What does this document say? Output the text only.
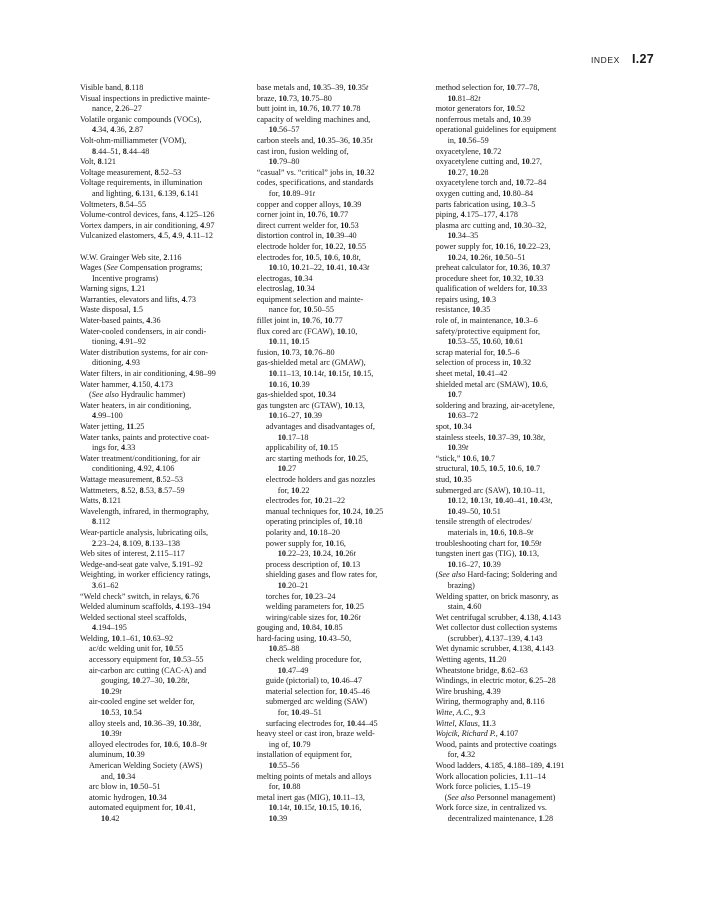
INDEX I.27
Visible band, 8.118
Visual inspections in predictive mainte-
nance, 2.26–27
Volatile organic compounds (VOCs),
4.34, 4.36, 2.87
Volt-ohm-milliammeter (VOM),
8.44–51, 8.44–48
Volt, 8.121
Voltage measurement, 8.52–53
Voltage requirements, in illumination
and lighting, 6.131, 6.139, 6.141
Voltmeters, 8.54–55
Volume-control devices, fans, 4.125–126
Vortex dampers, in air conditioning, 4.97
Vulcanized elastomers, 4.5, 4.9, 4.11–12
W.W. Grainger Web site, 2.116
Wages (See Compensation programs;
Incentive programs)
Warning signs, 1.21
Warranties, elevators and lifts, 4.73
Waste disposal, 1.5
Water-based paints, 4.36
Water-cooled condensers, in air condi-
tioning, 4.91–92
Water distribution systems, for air con-
ditioning, 4.93
Water filters, in air conditioning, 4.98–99
Water hammer, 4.150, 4.173
(See also Hydraulic hammer)
Water heaters, in air conditioning,
4.99–100
Water jetting, 11.25
Water tanks, paints and protective coat-
ings for, 4.33
Water treatment/conditioning, for air
conditioning, 4.92, 4.106
Wattage measurement, 8.52–53
Wattmeters, 8.52, 8.53, 8.57–59
Watts, 8.121
Wavelength, infrared, in thermography,
8.112
Wear-particle analysis, lubricating oils,
2.23–24, 8.109, 8.133–138
Web sites of interest, 2.115–117
Wedge-and-seat gate valve, 5.191–92
Weighting, in worker efficiency ratings,
3.61–62
“Weld check” switch, in relays, 6.76
Welded aluminum scaffolds, 4.193–194
Welded sectional steel scaffolds,
4.194–195
Welding, 10.1–61, 10.63–92
ac/dc welding unit for, 10.55
accessory equipment for, 10.53–55
air-carbon arc cutting (CAC-A) and
gouging, 10.27–30, 10.28t,
10.29t
air-cooled engine set welder for,
10.53, 10.54
alloy steels and, 10.36–39, 10.38t,
10.39t
alloyed electrodes for, 10.6, 10.8–9t
aluminum, 10.39
American Welding Society (AWS)
and, 10.34
arc blow in, 10.50–51
atomic hydrogen, 10.34
automated equipment for, 10.41,
10.42
base metals and, 10.35–39, 10.35t
braze, 10.73, 10.75–80
butt joint in, 10.76, 10.77 10.78
capacity of welding machines and,
10.56–57
carbon steels and, 10.35–36, 10.35t
cast iron, fusion welding of,
10.79–80
“casual” vs. “critical” jobs in, 10.32
codes, specifications, and standards
for, 10.89–91t
copper and copper alloys, 10.39
corner joint in, 10.76, 10.77
direct current welder for, 10.53
distortion control in, 10.39–40
electrode holder for, 10.22, 10.55
electrodes for, 10.5, 10.6, 10.8t,
10.10, 10.21–22, 10.41, 10.43t
electrogas, 10.34
electroslag, 10.34
equipment selection and mainte-
nance for, 10.50–55
fillet joint in, 10.76, 10.77
flux cored arc (FCAW), 10.10,
10.11, 10.15
fusion, 10.73, 10.76–80
gas-shielded metal arc (GMAW),
10.11–13, 10.14t, 10.15t, 10.15,
10.16, 10.39
gas-shielded spot, 10.34
gas tungsten arc (GTAW), 10.13,
10.16–27, 10.39
advantages and disadvantages of,
10.17–18
applicability of, 10.15
arc starting methods for, 10.25,
10.27
electrode holders and gas nozzles
for, 10.22
electrodes for, 10.21–22
manual techniques for, 10.24, 10.25
operating principles of, 10.18
polarity and, 10.18–20
power supply for, 10.16,
10.22–23, 10.24, 10.26t
process description of, 10.13
shielding gases and flow rates for,
10.20–21
torches for, 10.23–24
welding parameters for, 10.25
wiring/cable sizes for, 10.26t
gouging and, 10.84, 10.85
hard-facing using, 10.43–50,
10.85–88
check welding procedure for,
10.47–49
guide (pictorial) to, 10.46–47
material selection for, 10.45–46
submerged arc welding (SAW)
for, 10.49–51
surfacing electrodes for, 10.44–45
heavy steel or cast iron, braze weld-
ing of, 10.79
installation of equipment for,
10.55–56
melting points of metals and alloys
for, 10.88
metal inert gas (MIG), 10.11–13,
10.14t, 10.15t, 10.15, 10.16,
10.39
method selection for, 10.77–78,
10.81–82t
motor generators for, 10.52
nonferrous metals and, 10.39
operational guidelines for equipment
in, 10.56–59
oxyacetylene, 10.72
oxyacetylene cutting and, 10.27,
10.27, 10.28
oxyacetylene torch and, 10.72–84
oxygen cutting and, 10.80–84
parts fabrication using, 10.3–5
piping, 4.175–177, 4.178
plasma arc cutting and, 10.30–32,
10.34–35
power supply for, 10.16, 10.22–23,
10.24, 10.26t, 10.50–51
preheat calculator for, 10.36, 10.37
procedure sheet for, 10.32, 10.33
qualification of welders for, 10.33
repairs using, 10.3
resistance, 10.35
role of, in maintenance, 10.3–6
safety/protective equipment for,
10.53–55, 10.60, 10.61
scrap material for, 10.5–6
selection of process in, 10.32
sheet metal, 10.41–42
shielded metal arc (SMAW), 10.6,
10.7
soldering and brazing, air-acetylene,
10.63–72
spot, 10.34
stainless steels, 10.37–39, 10.38t,
10.39t
“stick,” 10.6, 10.7
structural, 10.5, 10.5, 10.6, 10.7
stud, 10.35
submerged arc (SAW), 10.10–11,
10.12, 10.13t, 10.40–41, 10.43t,
10.49–50, 10.51
tensile strength of electrodes/
materials in, 10.6, 10.8–9t
troubleshooting chart for, 10.59t
tungsten inert gas (TIG), 10.13,
10.16–27, 10.39
(See also Hard-facing; Soldering and
brazing)
Welding spatter, on brick masonry, as
stain, 4.60
Wet centrifugal scrubber, 4.138, 4.143
Wet collector dust collection systems
(scrubber), 4.137–139, 4.143
Wet dynamic scrubber, 4.138, 4.143
Wetting agents, 11.20
Wheatstone bridge, 8.62–63
Windings, in electric motor, 6.25–28
Wire brushing, 4.39
Wiring, thermography and, 8.116
Witte, A.C., 9.3
Wittel, Klaus, 11.3
Wojcik, Richard P., 4.107
Wood, paints and protective coatings
for, 4.32
Wood ladders, 4.185, 4.188–189, 4.191
Work allocation policies, 1.11–14
Work force policies, 1.15–19
(See also Personnel management)
Work force size, in centralized vs.
decentralized maintenance, 1.28
